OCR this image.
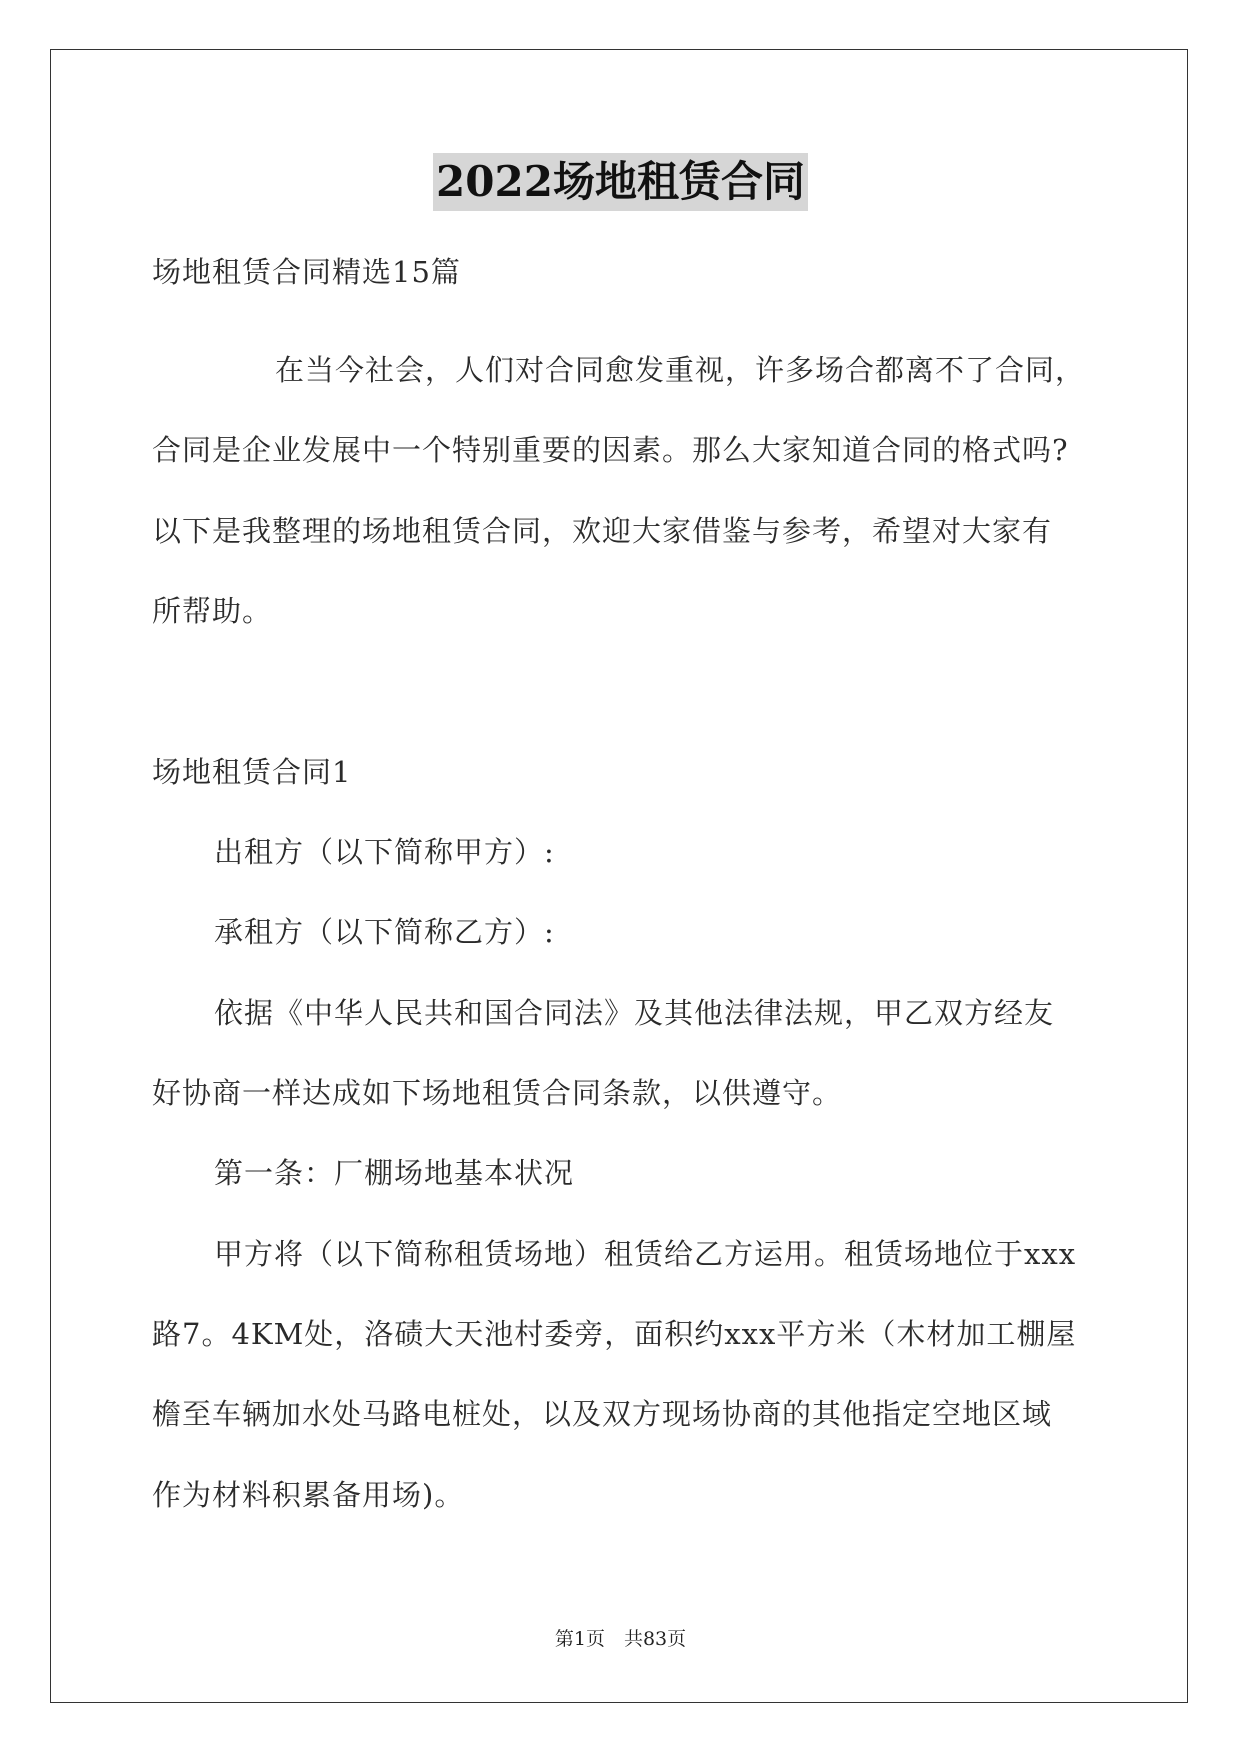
2022场地租赁合同
场地租赁合同精选15篇
在当今社会，人们对合同愈发重视，许多场合都离不了合同，
合同是企业发展中一个特别重要的因素。那么大家知道合同的格式吗?
以下是我整理的场地租赁合同，欢迎大家借鉴与参考，希望对大家有
所帮助。
场地租赁合同1
出租方（以下简称甲方）:
承租方（以下简称乙方）:
依据《中华人民共和国合同法》及其他法律法规，甲乙双方经友
好协商一样达成如下场地租赁合同条款，以供遵守。
第一条：厂棚场地基本状况
甲方将（以下简称租赁场地）租赁给乙方运用。租赁场地位于xxx
路7。4KM处，洛碛大天池村委旁，面积约xxx平方米（木材加工棚屋
檐至车辆加水处马路电桩处，以及双方现场协商的其他指定空地区域
作为材料积累备用场)。
第1页　共83页
